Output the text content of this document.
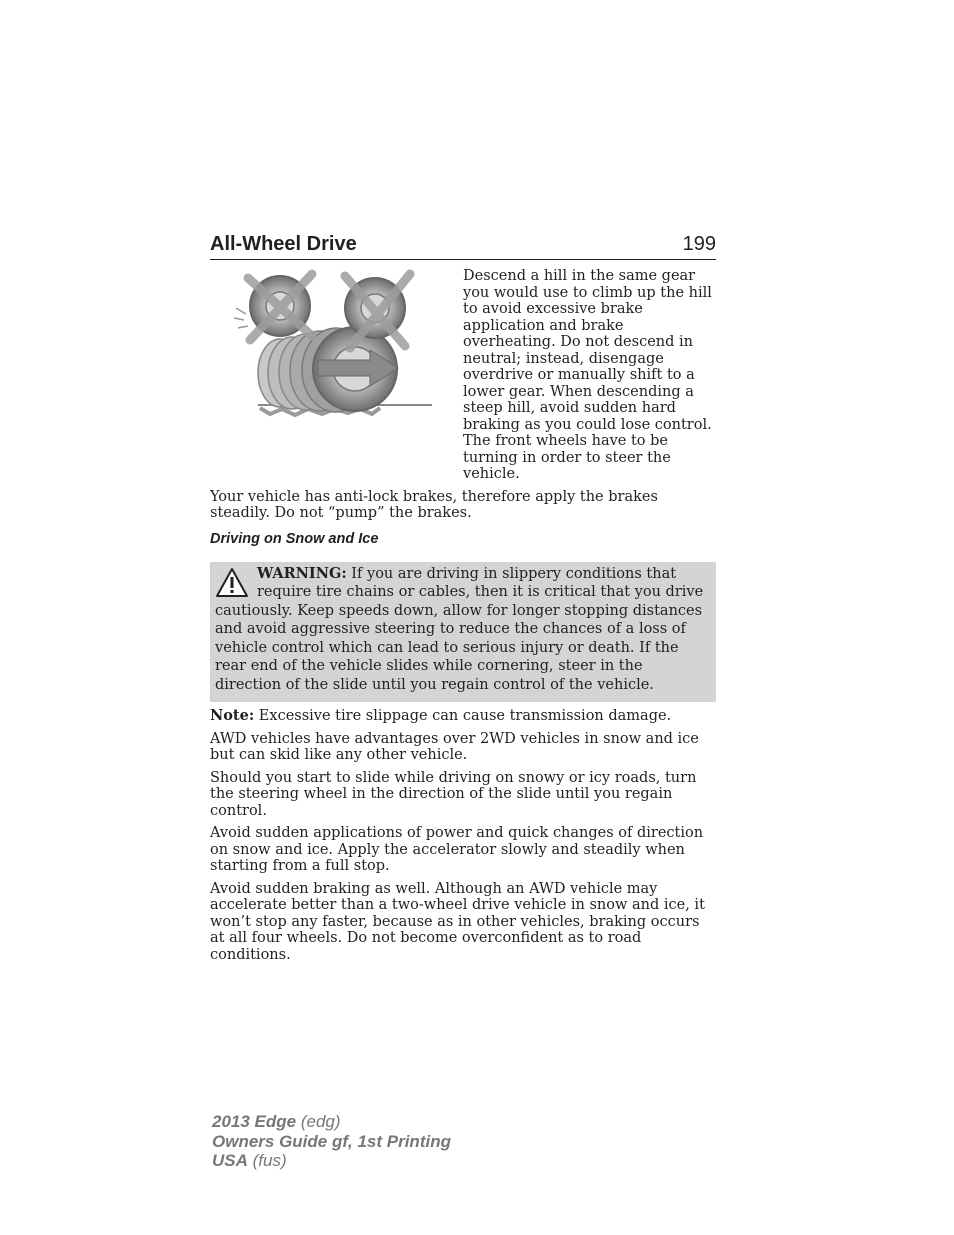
All-Wheel Drive	199
Descend a hill in the same gear you would use to climb up the hill to avoid excessive brake application and brake overheating. Do not descend in neutral; instead, disengage overdrive or manually shift to a lower gear. When descending a steep hill, avoid sudden hard braking as you could lose control. The front wheels have to be turning in order to steer the vehicle.

Your vehicle has anti-lock brakes, therefore apply the brakes steadily. Do not “pump” the brakes.

Driving on Snow and Ice
WARNING: If you are driving in slippery conditions that require tire chains or cables, then it is critical that you drive cautiously. Keep speeds down, allow for longer stopping distances and avoid aggressive steering to reduce the chances of a loss of vehicle control which can lead to serious injury or death. If the rear end of the vehicle slides while cornering, steer in the direction of the slide until you regain control of the vehicle.

Note: Excessive tire slippage can cause transmission damage.

AWD vehicles have advantages over 2WD vehicles in snow and ice but can skid like any other vehicle.

Should you start to slide while driving on snowy or icy roads, turn the steering wheel in the direction of the slide until you regain control.

Avoid sudden applications of power and quick changes of direction on snow and ice. Apply the accelerator slowly and steadily when starting from a full stop.

Avoid sudden braking as well. Although an AWD vehicle may accelerate better than a two-wheel drive vehicle in snow and ice, it won’t stop any faster, because as in other vehicles, braking occurs at all four wheels. Do not become overconfident as to road conditions.

2013 Edge (edg)
Owners Guide gf, 1st Printing
USA (fus)
